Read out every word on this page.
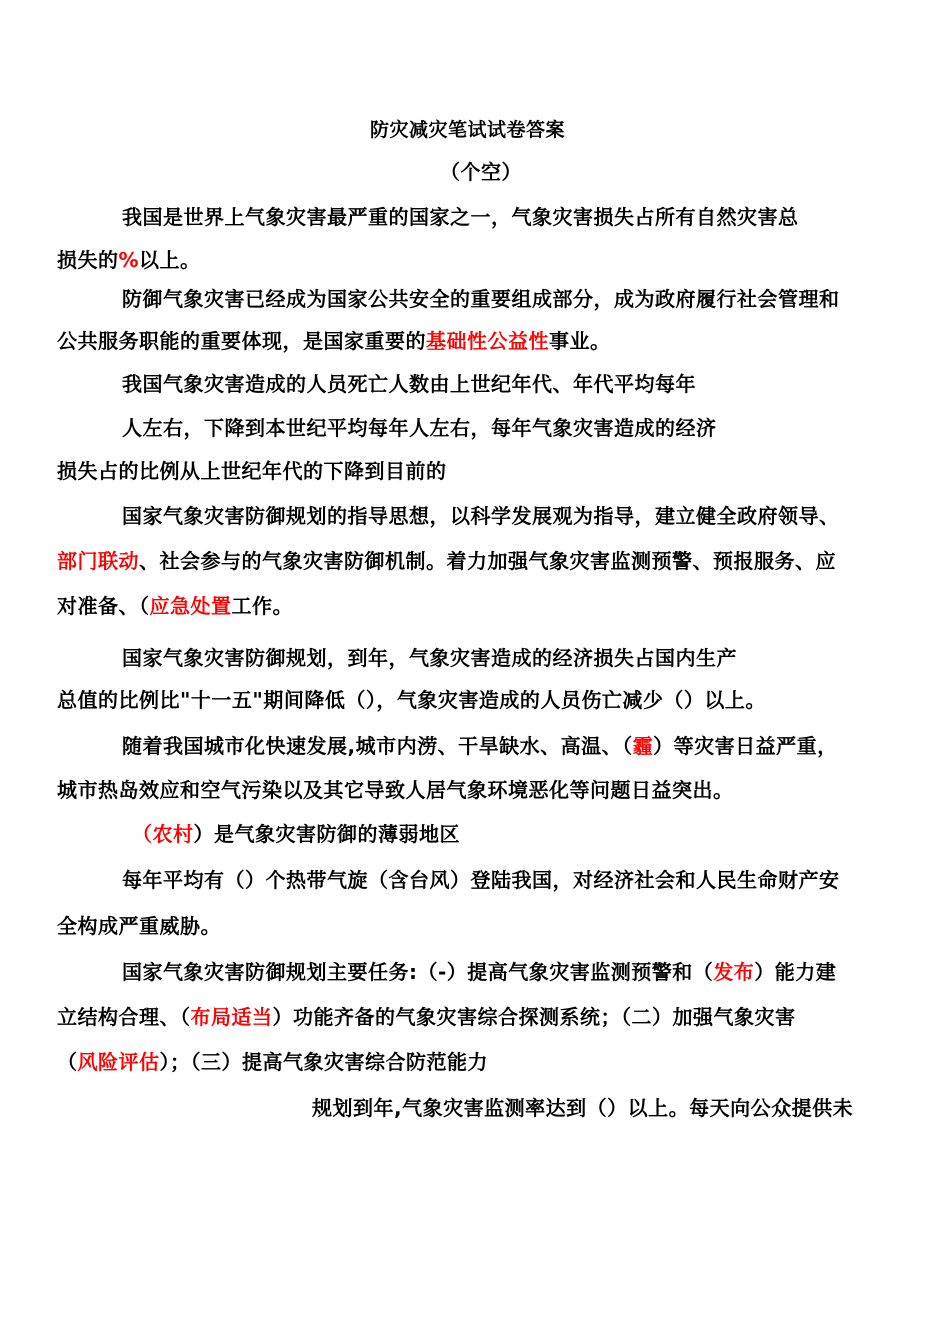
防灾减灾笔试试卷答案
（个空）
我国是世界上气象灾害最严重的国家之一，气象灾害损失占所有自然灾害总
损失的%以上。
防御气象灾害已经成为国家公共安全的重要组成部分，成为政府履行社会管理和
公共服务职能的重要体现，是国家重要的基础性公益性事业。
我国气象灾害造成的人员死亡人数由上世纪年代、年代平均每年
人左右，下降到本世纪平均每年人左右，每年气象灾害造成的经济
损失占的比例从上世纪年代的下降到目前的
国家气象灾害防御规划的指导思想，以科学发展观为指导，建立健全政府领导、
部门联动、社会参与的气象灾害防御机制。着力加强气象灾害监测预警、预报服务、应
对准备、（应急处置工作。
国家气象灾害防御规划，到年，气象灾害造成的经济损失占国内生产
总值的比例比"十一五"期间降低（），气象灾害造成的人员伤亡减少（）以上。
随着我国城市化快速发展,城市内涝、干旱缺水、高温、（霾）等灾害日益严重，
城市热岛效应和空气污染以及其它导致人居气象环境恶化等问题日益突出。
（农村）是气象灾害防御的薄弱地区
每年平均有（）个热带气旋（含台风）登陆我国，对经济社会和人民生命财产安
全构成严重威胁。
国家气象灾害防御规划主要任务:（-）提高气象灾害监测预警和（发布）能力建
立结构合理、（布局适当）功能齐备的气象灾害综合探测系统；（二）加强气象灾害
（风险评估）；（三）提高气象灾害综合防范能力
规划到年,气象灾害监测率达到（）以上。每天向公众提供未
